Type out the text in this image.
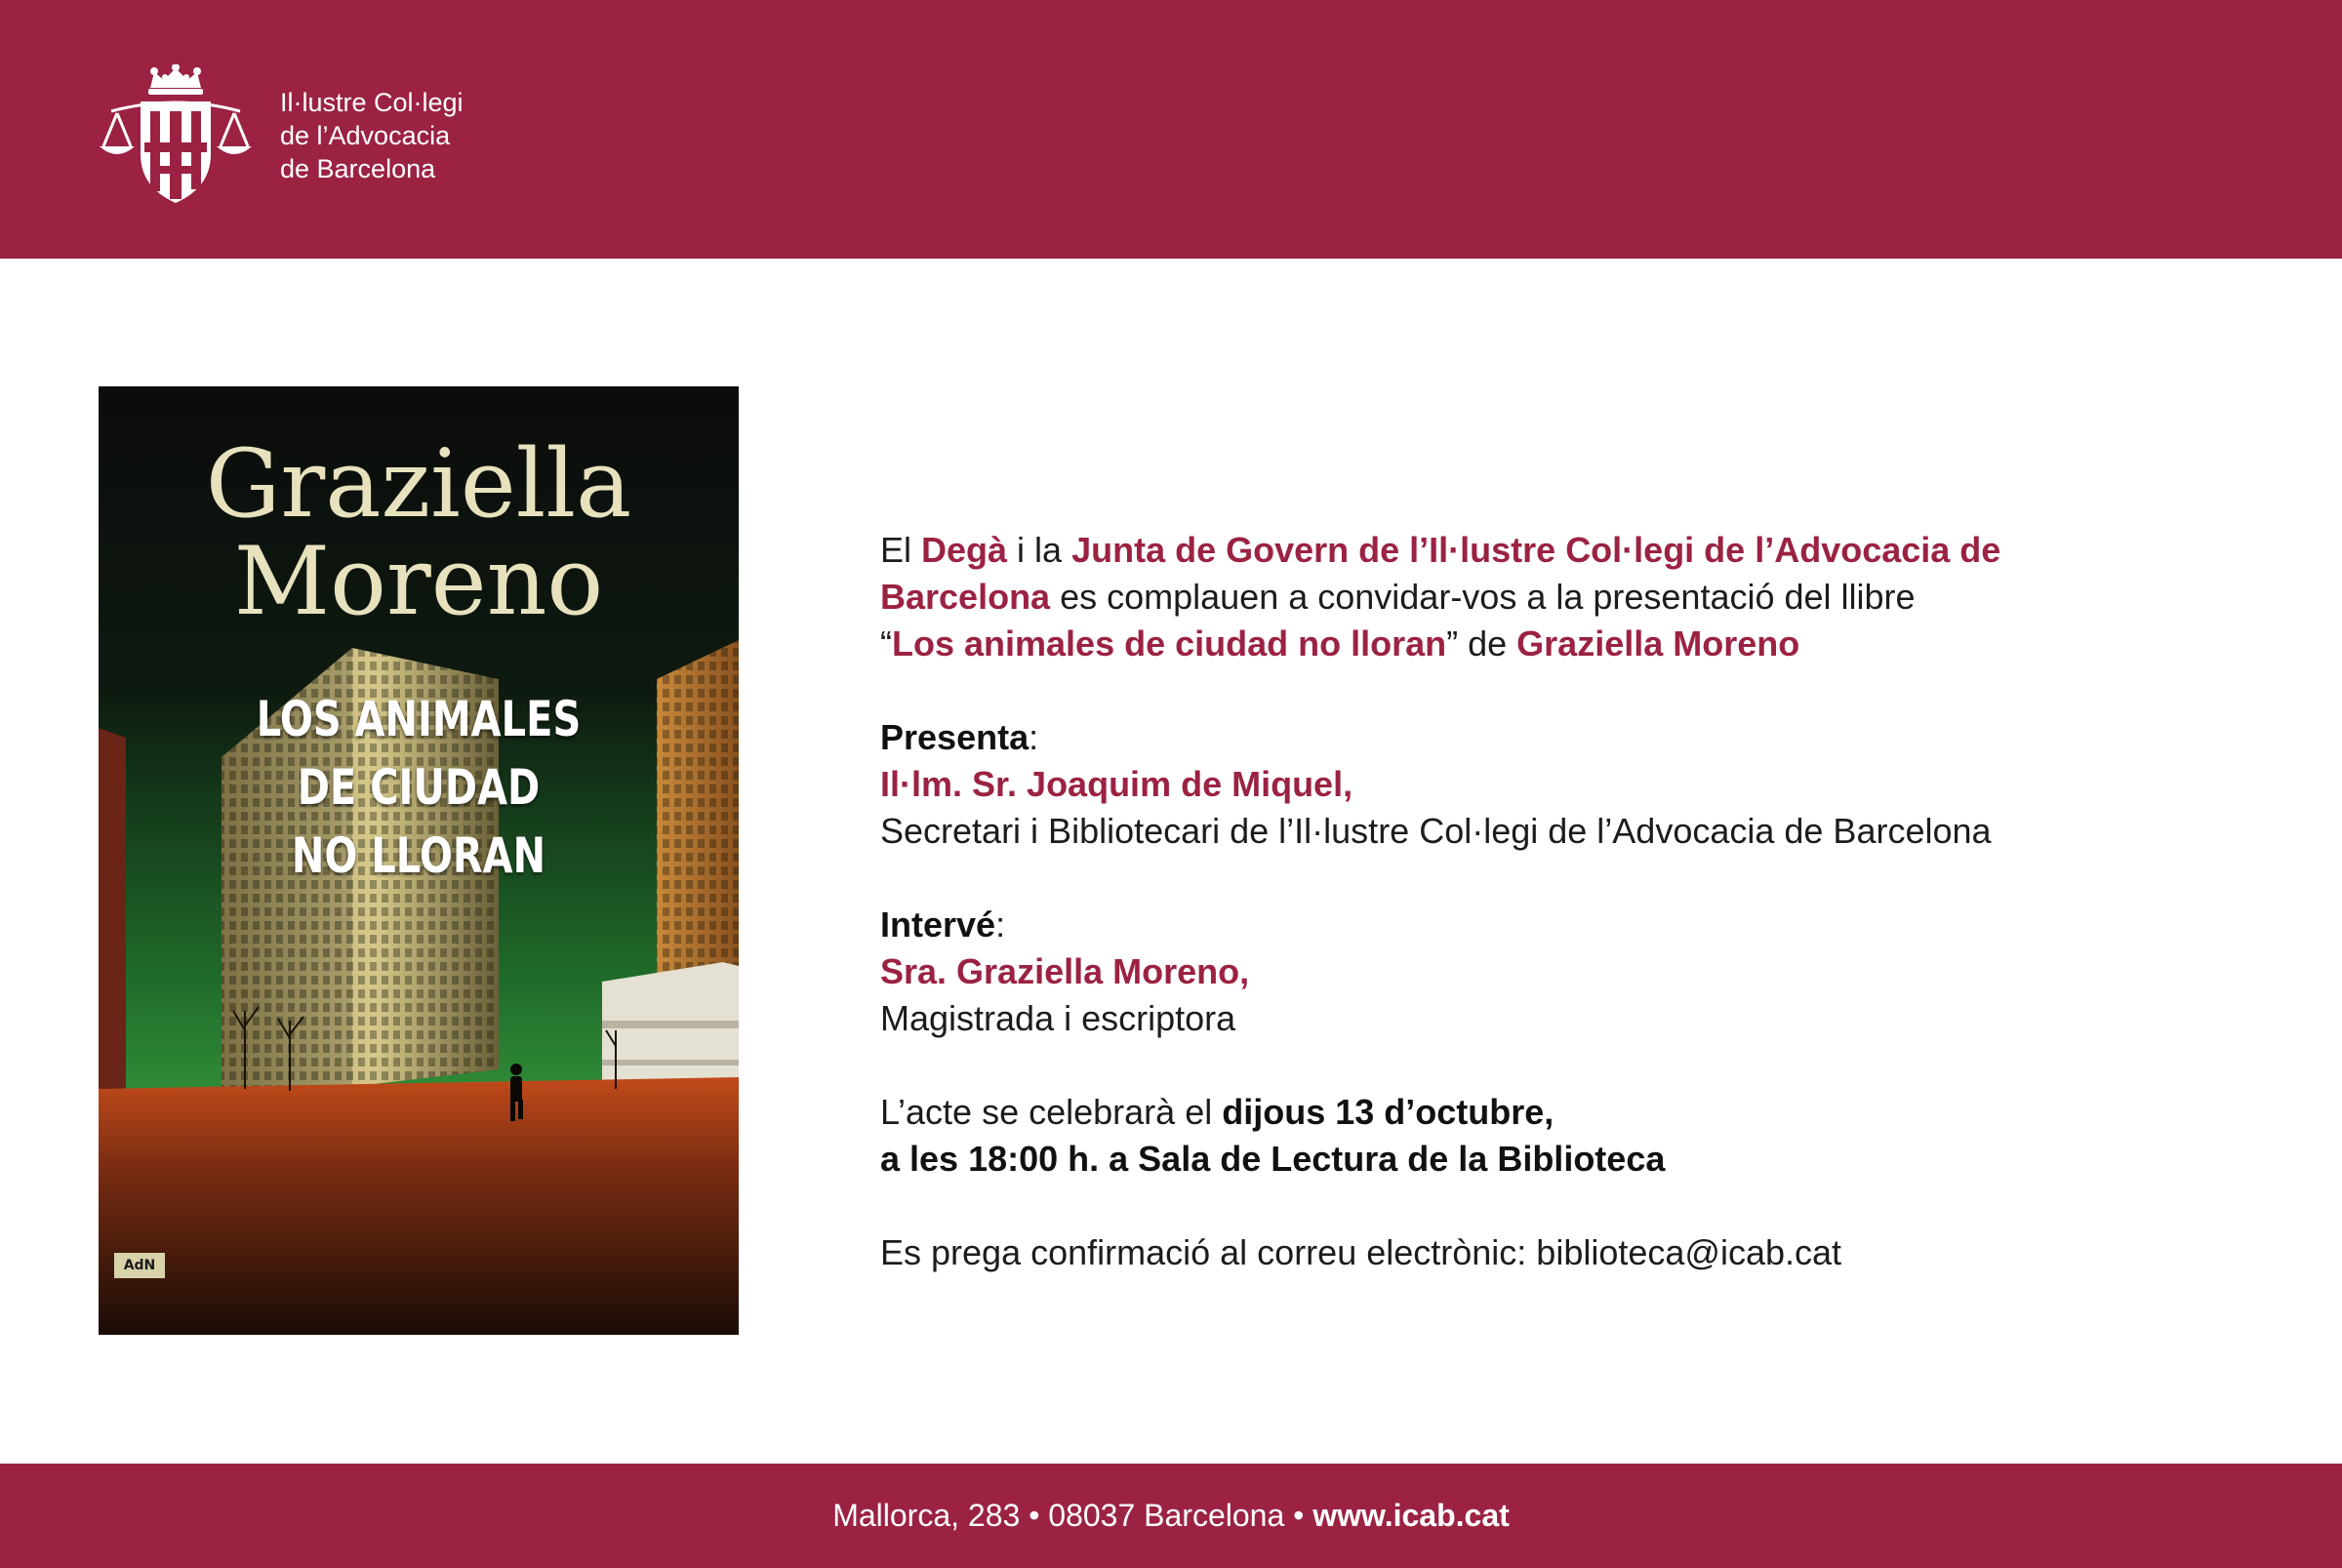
Il·lustre Col·legi
de l’Advocacia
de Barcelona
Graziella
Moreno
LOS ANIMALES
DE CIUDAD
NO LLORAN
AdN
El Degà i la Junta de Govern de l’Il·lustre Col·legi de l’Advocacia de
Barcelona es complauen a convidar-vos a la presentació del llibre
“Los animales de ciudad no lloran” de Graziella Moreno
Presenta:
Il·lm. Sr. Joaquim de Miquel,
Secretari i Bibliotecari de l’Il·lustre Col·legi de l’Advocacia de Barcelona
Intervé:
Sra. Graziella Moreno,
Magistrada i escriptora
L’acte se celebrarà el dijous 13 d’octubre,
a les 18:00 h. a Sala de Lectura de la Biblioteca
Es prega confirmació al correu electrònic: biblioteca@icab.cat
Mallorca, 283 • 08037 Barcelona • www.icab.cat
